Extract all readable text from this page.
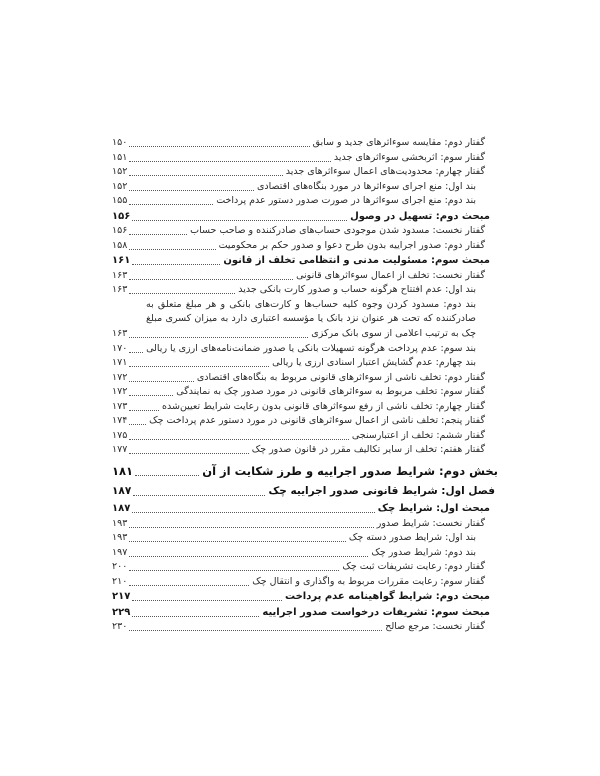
گفتار دوم: مقایسه سوءاثرهای جدید و سابق
۱۵۰
گفتار سوم: اثربخشی سوءاثرهای جدید
۱۵۱
گفتار چهارم: محدودیت‌های اعمال سوءاثرهای جدید
۱۵۲
بند اول: منع اجرای سوءاثرها در مورد بنگاه‌های اقتصادی
۱۵۲
بند دوم: منع اجرای سوءاثرها در صورت صدور دستور عدم پرداخت
۱۵۵
مبحث دوم: تسهیل در وصول
۱۵۶
گفتار نخست: مسدود شدن موجودی حساب‌های صادرکننده و صاحب حساب
۱۵۶
گفتار دوم: صدور اجراییه بدون طرح دعوا و صدور حکم بر محکومیت
۱۵۸
مبحث سوم: مسئولیت مدنی و انتظامی تخلف از قانون
۱۶۱
گفتار نخست: تخلف از اعمال سوءاثرهای قانونی
۱۶۳
بند اول: عدم افتتاح هرگونه حساب و صدور کارت بانکی جدید
۱۶۳
بند دوم: مسدود کردن وجوه کلیه حساب‌ها و کارت‌های بانکی و هر مبلغ متعلق به
صادرکننده که تحت هر عنوان نزد بانک یا مؤسسه اعتباری دارد به میزان کسری مبلغ
چک به ترتیب اعلامی از سوی بانک مرکزی
۱۶۳
بند سوم: عدم پرداخت هرگونه تسهیلات بانکی یا صدور ضمانت‌نامه‌های ارزی یا ریالی
۱۷۰
بند چهارم: عدم گشایش اعتبار اسنادی ارزی یا ریالی
۱۷۱
گفتار دوم: تخلف ناشی از سوءاثرهای قانونی مربوط به بنگاه‌های اقتصادی
۱۷۲
گفتار سوم: تخلف مربوط به سوءاثرهای قانونی در مورد صدور چک به نمایندگی
۱۷۲
گفتار چهارم: تخلف ناشی از رفع سوءاثرهای قانونی بدون رعایت شرایط تعیین‌شده
۱۷۳
گفتار پنجم: تخلف ناشی از اعمال سوءاثرهای قانونی در مورد دستور عدم پرداخت چک
۱۷۴
گفتار ششم: تخلف از اعتبارسنجی
۱۷۵
گفتار هفتم: تخلف از سایر تکالیف مقرر در قانون صدور چک
۱۷۷
بخش دوم: شرایط صدور اجراییه و طرز شکایت از آن
۱۸۱
فصل اول: شرایط قانونی صدور اجراییه چک
۱۸۷
مبحث اول: شرایط چک
۱۸۷
گفتار نخست: شرایط صدور
۱۹۳
بند اول: شرایط صدور دسته چک
۱۹۳
بند دوم: شرایط صدور چک
۱۹۷
گفتار دوم: رعایت تشریفات ثبت چک
۲۰۰
گفتار سوم: رعایت مقررات مربوط به واگذاری و انتقال چک
۲۱۰
مبحث دوم: شرایط گواهینامه عدم پرداخت
۲۱۷
مبحث سوم: تشریفات درخواست صدور اجراییه
۲۲۹
گفتار نخست: مرجع صالح
۲۳۰
